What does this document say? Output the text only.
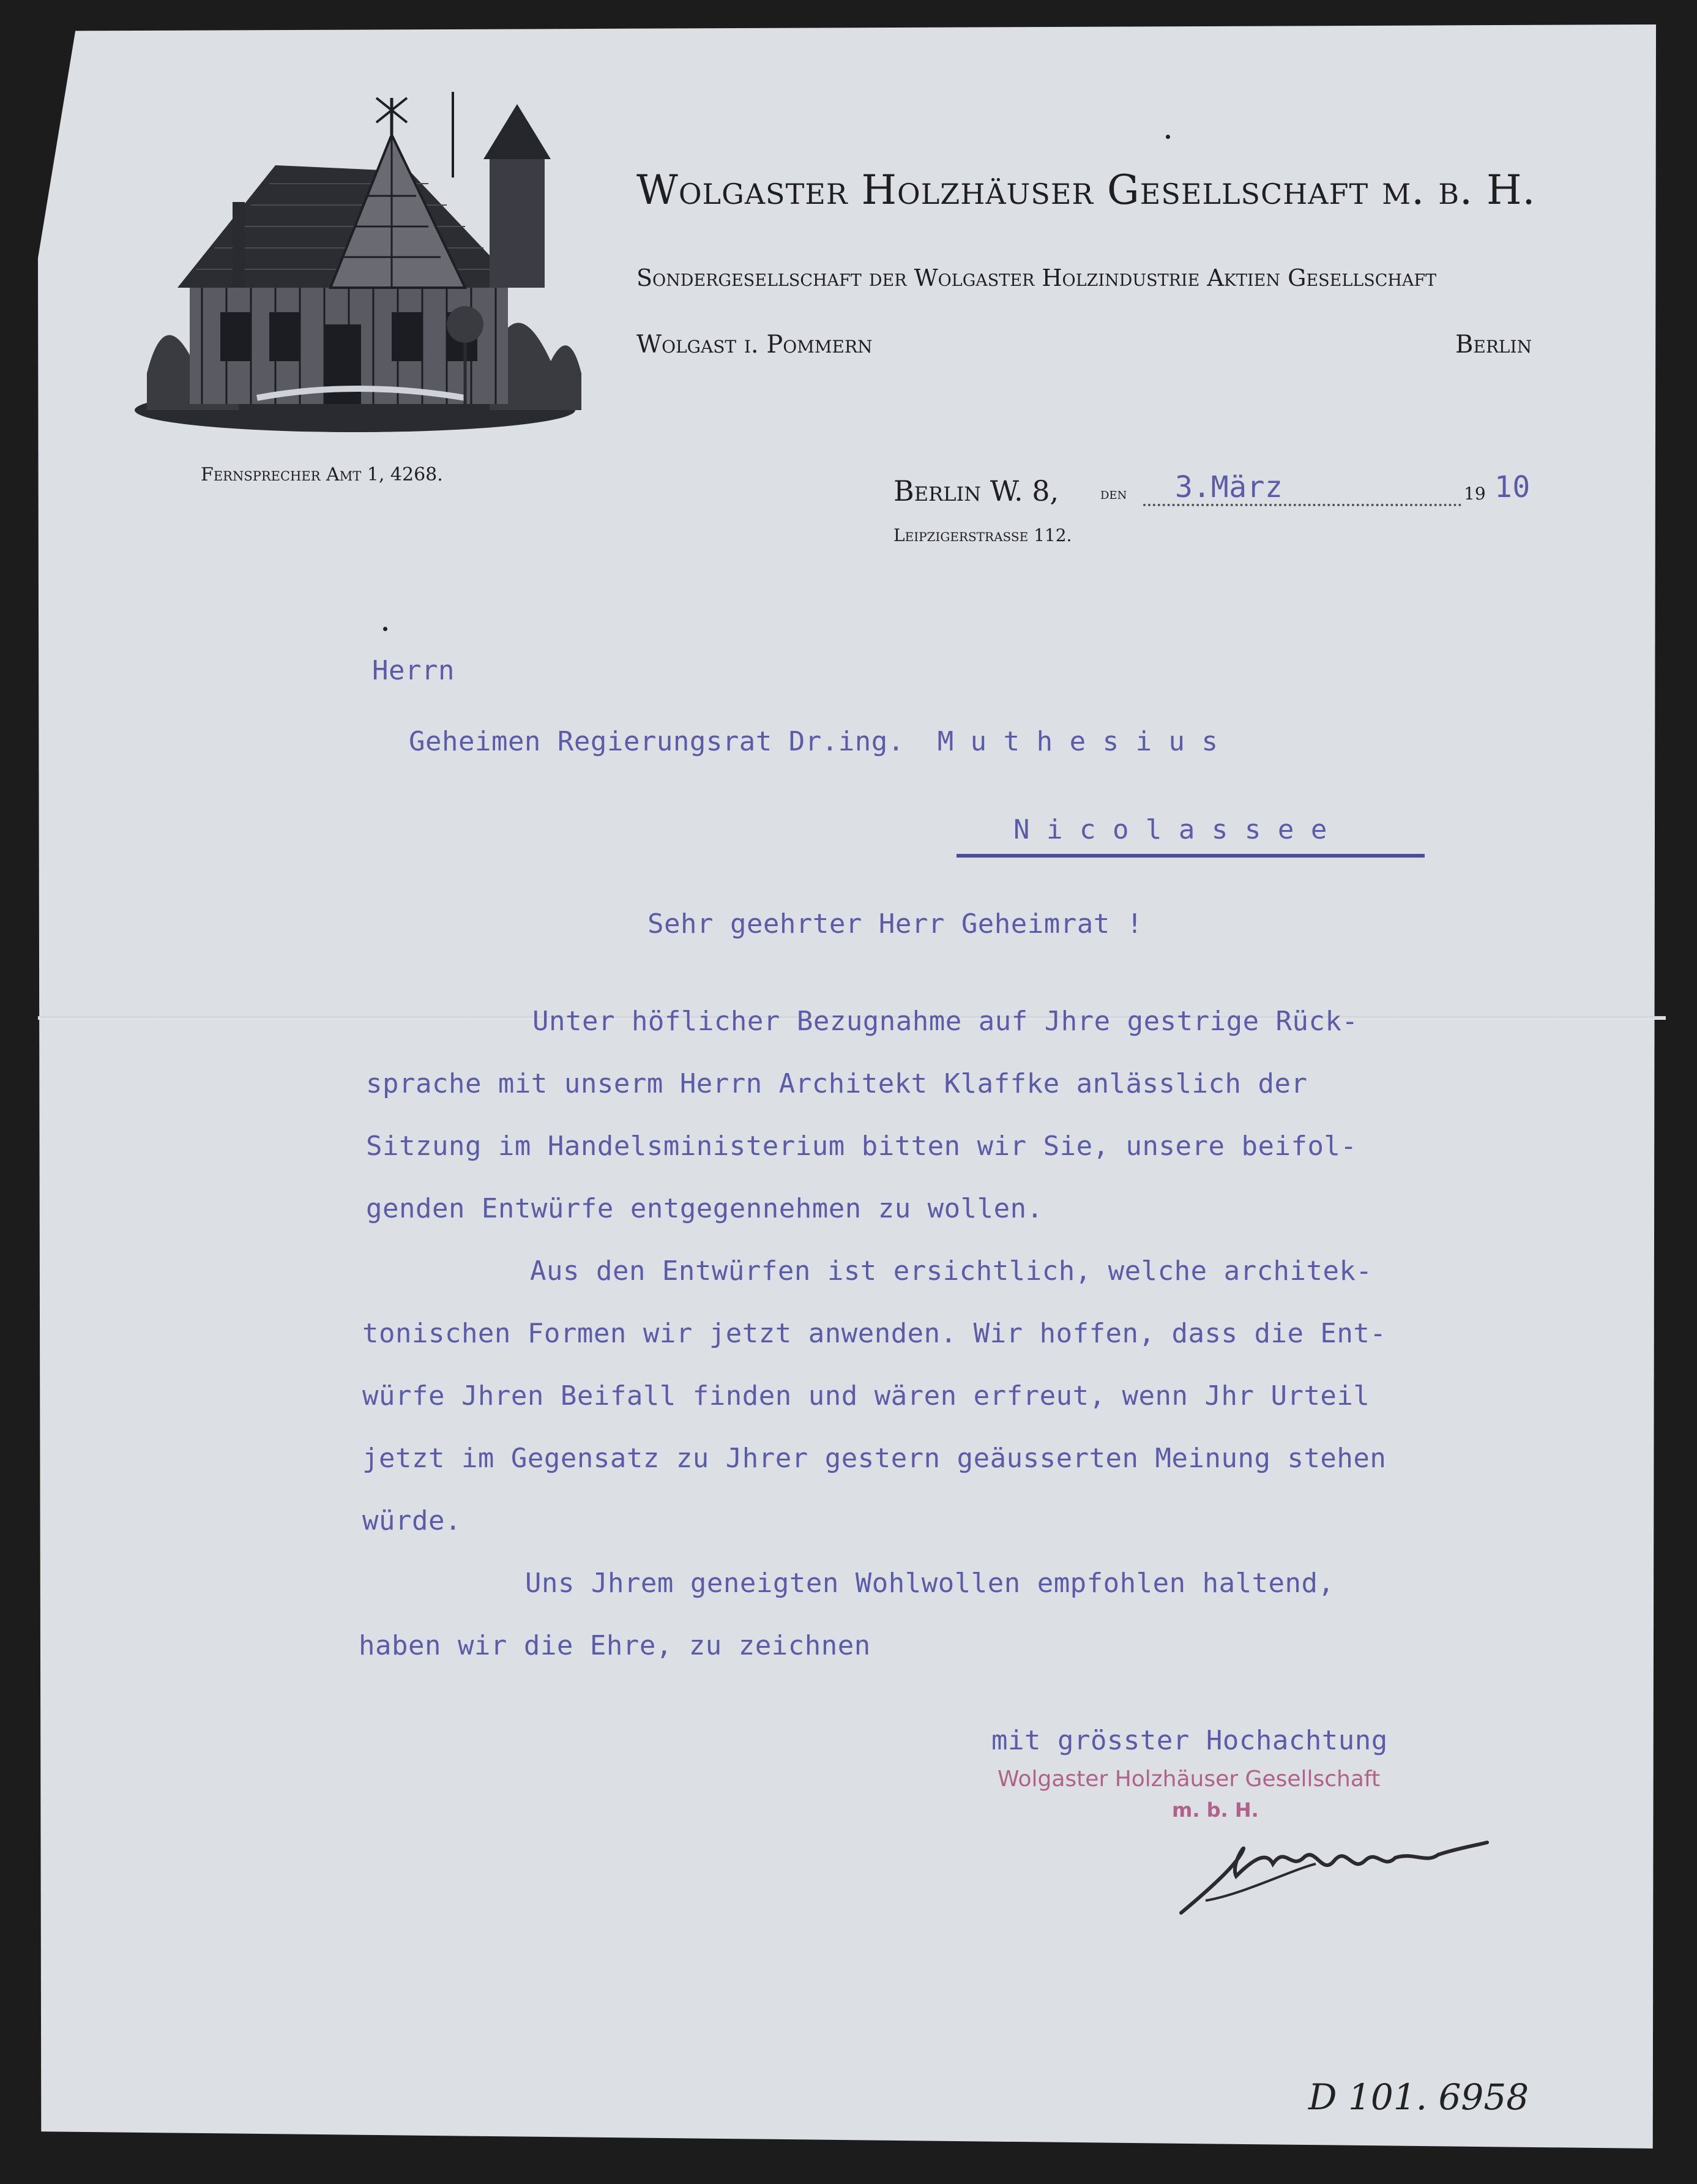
Wolgaster Holzhäuser Gesellschaft m. b. H.
Sondergesellschaft der Wolgaster Holzindustrie Aktien Gesellschaft
Wolgast i. Pommern	Berlin
Fernsprecher Amt 1, 4268.	Berlin W. 8,	den
Leipzigerstrasse 112.
19
3.März	10
Herrn
Geheimen Regierungsrat Dr.ing.  M u t h e s i u s
N i c o l a s s e e
Sehr geehrter Herr Geheimrat !
Unter höflicher Bezugnahme auf Jhre gestrige Rück-
sprache mit unserm Herrn Architekt Klaffke anlässlich der
Sitzung im Handelsministerium bitten wir Sie, unsere beifol-
genden Entwürfe entgegennehmen zu wollen.
Aus den Entwürfen ist ersichtlich, welche architek-
tonischen Formen wir jetzt anwenden. Wir hoffen, dass die Ent-
würfe Jhren Beifall finden und wären erfreut, wenn Jhr Urteil
jetzt im Gegensatz zu Jhrer gestern geäusserten Meinung stehen
würde.
Uns Jhrem geneigten Wohlwollen empfohlen haltend,
haben wir die Ehre, zu zeichnen
mit grösster Hochachtung
Wolgaster Holzhäuser Gesellschaft
m. b. H.
D 101. 6958
